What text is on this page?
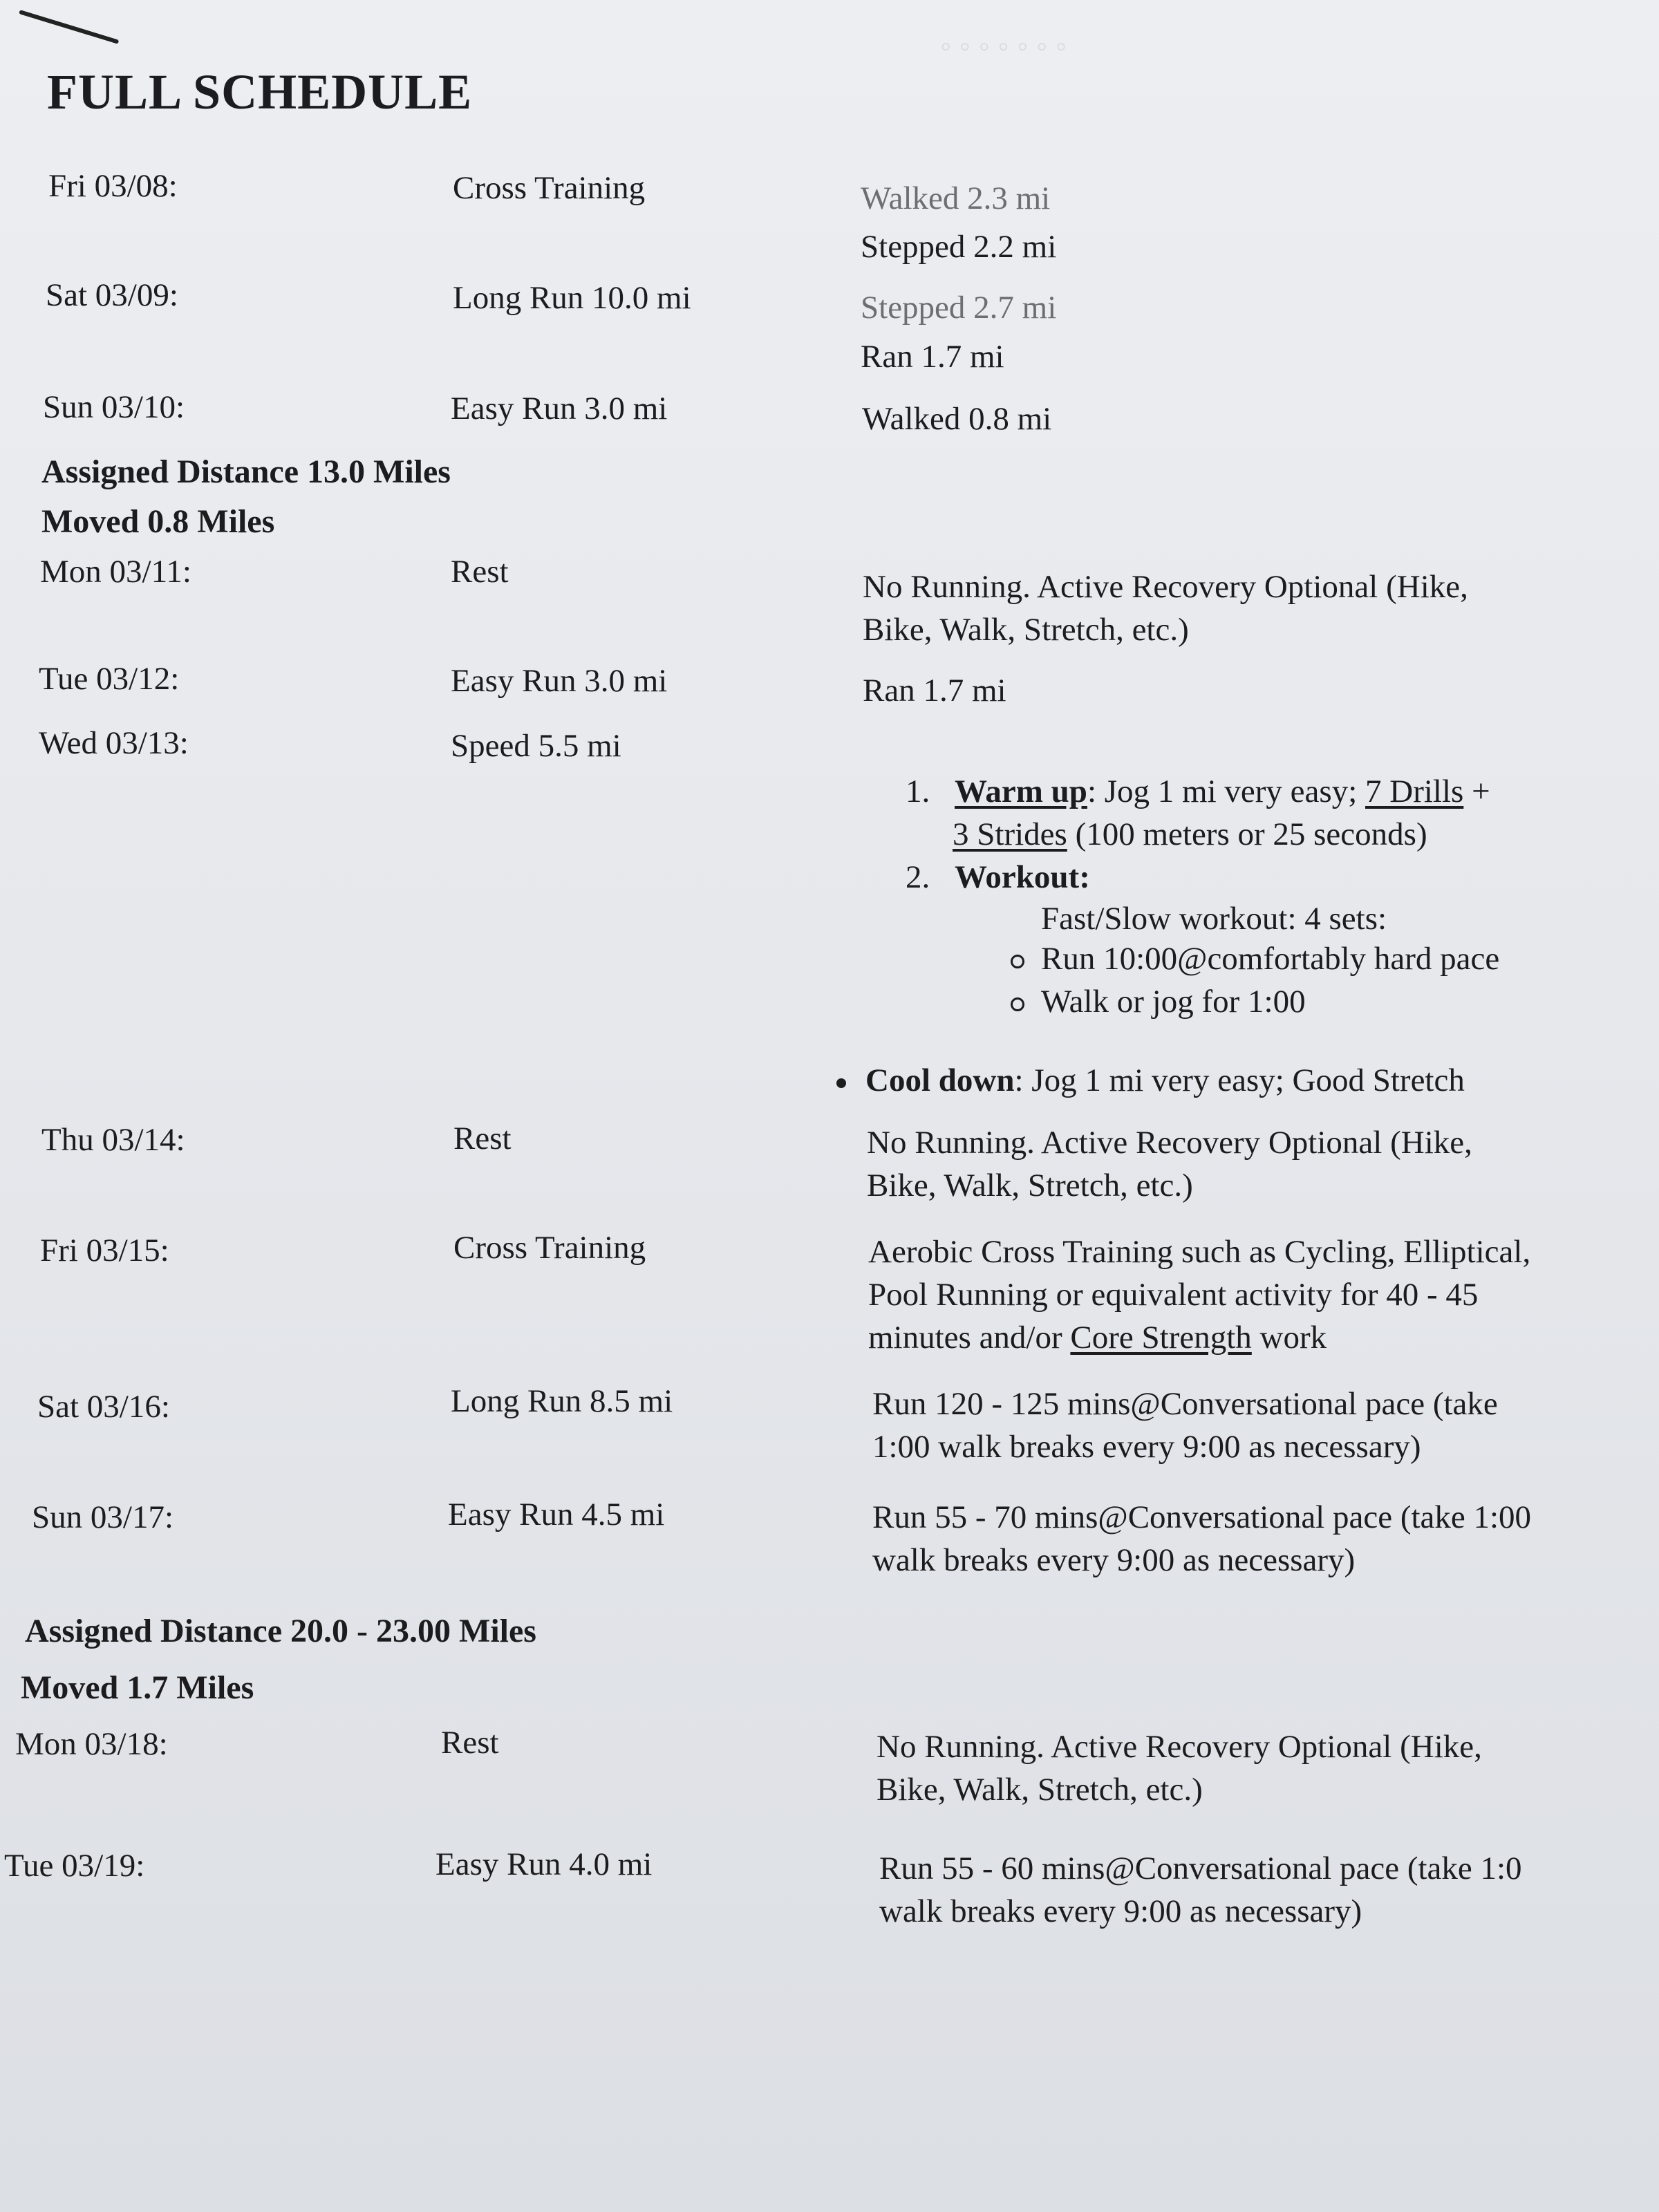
◦ ◦ ◦ ◦ ◦ ◦ ◦
FULL SCHEDULE
Fri 03/08:	Cross Training	Walked 2.3 mi
Stepped 2.2 mi
Sat 03/09:	Long Run 10.0 mi	Stepped 2.7 mi
Ran 1.7 mi
Sun 03/10:	Easy Run 3.0 mi	Walked 0.8 mi
Assigned Distance 13.0 Miles
Moved 0.8 Miles
Mon 03/11:	Rest	No Running. Active Recovery Optional (Hike,
Bike, Walk, Stretch, etc.)
Tue 03/12:	Easy Run 3.0 mi	Ran 1.7 mi
Wed 03/13:	Speed 5.5 mi
1. Warm up: Jog 1 mi very easy; 7 Drills +
3 Strides (100 meters or 25 seconds)
2. Workout:
Fast/Slow workout: 4 sets:
Run 10:00@comfortably hard pace
Walk or jog for 1:00
Cool down: Jog 1 mi very easy; Good Stretch
Thu 03/14:	Rest	No Running. Active Recovery Optional (Hike,
Bike, Walk, Stretch, etc.)
Fri 03/15:	Cross Training	Aerobic Cross Training such as Cycling, Elliptical,
Pool Running or equivalent activity for 40 - 45
minutes and/or Core Strength work
Sat 03/16:	Long Run 8.5 mi	Run 120 - 125 mins@Conversational pace (take
1:00 walk breaks every 9:00 as necessary)
Sun 03/17:	Easy Run 4.5 mi	Run 55 - 70 mins@Conversational pace (take 1:00
walk breaks every 9:00 as necessary)
Assigned Distance 20.0 - 23.00 Miles
Moved 1.7 Miles
Mon 03/18:	Rest	No Running. Active Recovery Optional (Hike,
Bike, Walk, Stretch, etc.)
Tue 03/19:	Easy Run 4.0 mi	Run 55 - 60 mins@Conversational pace (take 1:0
walk breaks every 9:00 as necessary)
